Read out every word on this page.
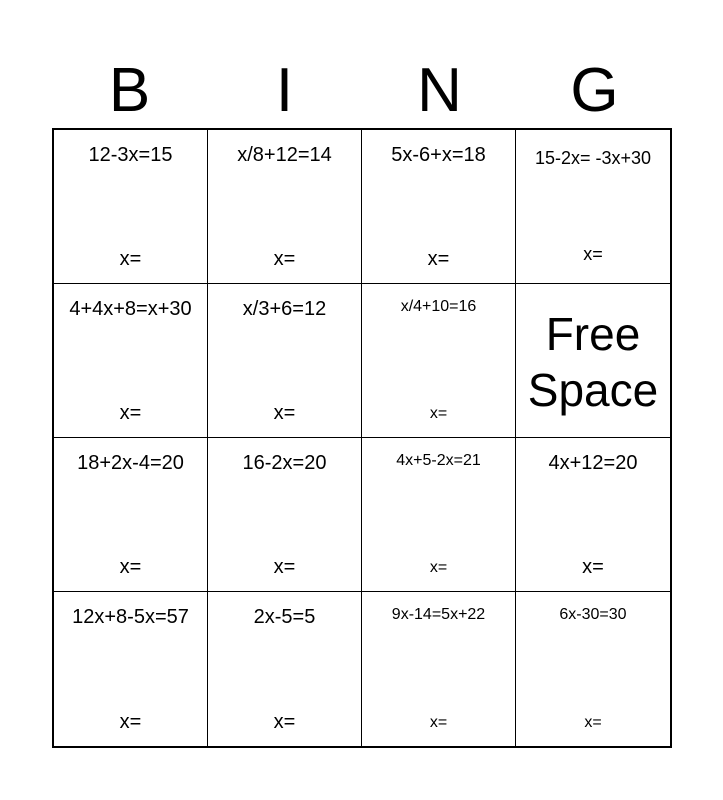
B	I	N	G
12-3x=15
x=
x/8+12=14
x=
5x-6+x=18
x=
15-2x= -3x+30
x=
4+4x+8=x+30
x=
x/3+6=12
x=
x/4+10=16
x=
Free
Space
18+2x-4=20
x=
16-2x=20
x=
4x+5-2x=21
x=
4x+12=20
x=
12x+8-5x=57
x=
2x-5=5
x=
9x-14=5x+22
x=
6x-30=30
x=
